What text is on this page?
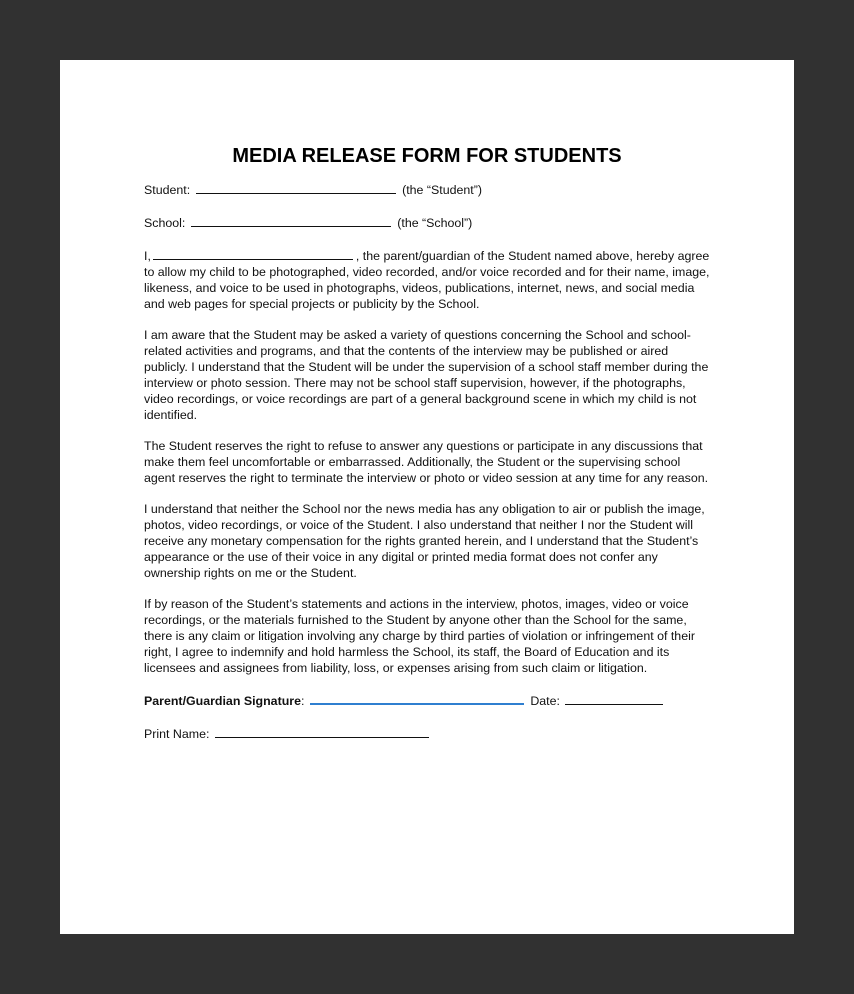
MEDIA RELEASE FORM FOR STUDENTS
Student:	(the “Student”)
School:	(the “School”)
I,	, the parent/guardian of the Student named above, hereby agree to allow my child to be photographed, video recorded, and/or voice recorded and for their name, image, likeness, and voice to be used in photographs, videos, publications, internet, news, and social media and web pages for special projects or publicity by the School.
I am aware that the Student may be asked a variety of questions concerning the School and school-related activities and programs, and that the contents of the interview may be published or aired publicly. I understand that the Student will be under the supervision of a school staff member during the interview or photo session. There may not be school staff supervision, however, if the photographs, video recordings, or voice recordings are part of a general background scene in which my child is not identified.
The Student reserves the right to refuse to answer any questions or participate in any discussions that make them feel uncomfortable or embarrassed. Additionally, the Student or the supervising school agent reserves the right to terminate the interview or photo or video session at any time for any reason.
I understand that neither the School nor the news media has any obligation to air or publish the image, photos, video recordings, or voice of the Student. I also understand that neither I nor the Student will receive any monetary compensation for the rights granted herein, and I understand that the Student’s appearance or the use of their voice in any digital or printed media format does not confer any ownership rights on me or the Student.
If by reason of the Student’s statements and actions in the interview, photos, images, video or voice recordings, or the materials furnished to the Student by anyone other than the School for the same, there is any claim or litigation involving any charge by third parties of violation or infringement of their right, I agree to indemnify and hold harmless the School, its staff, the Board of Education and its licensees and assignees from liability, loss, or expenses arising from such claim or litigation.
Parent/Guardian Signature:	Date:
Print Name:
